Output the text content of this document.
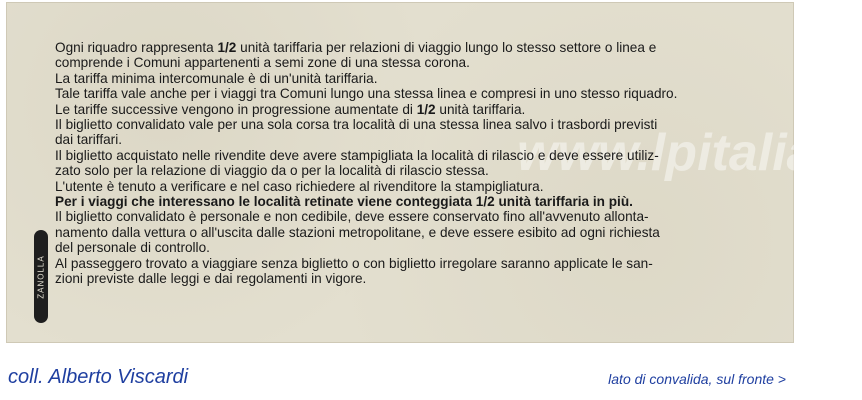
www.lpitalia.it
Ogni riquadro rappresenta 1/2 unità tariffaria per relazioni di viaggio lungo lo stesso settore o linea e
comprende i Comuni appartenenti a semi zone di una stessa corona.
La tariffa minima intercomunale è di un'unità tariffaria.
Tale tariffa vale anche per i viaggi tra Comuni lungo una stessa linea e compresi in uno stesso riquadro.
Le tariffe successive vengono in progressione aumentate di 1/2 unità tariffaria.
Il biglietto convalidato vale per una sola corsa tra località di una stessa linea salvo i trasbordi previsti
dai tariffari.
Il biglietto acquistato nelle rivendite deve avere stampigliata la località di rilascio e deve essere utiliz-
zato solo per la relazione di viaggio da o per la località di rilascio stessa.
L'utente è tenuto a verificare e nel caso richiedere al rivenditore la stampigliatura.
Per i viaggi che interessano le località retinate viene conteggiata 1/2 unità tariffaria in più.
Il biglietto convalidato è personale e non cedibile, deve essere conservato fino all'avvenuto allonta-
namento dalla vettura o all'uscita dalle stazioni metropolitane, e deve essere esibito ad ogni richiesta
del personale di controllo.
Al passeggero trovato a viaggiare senza biglietto o con biglietto irregolare saranno applicate le san-
zioni previste dalle leggi e dai regolamenti in vigore.
ZANOLLA
coll. Alberto Viscardi	lato di convalida, sul fronte >
